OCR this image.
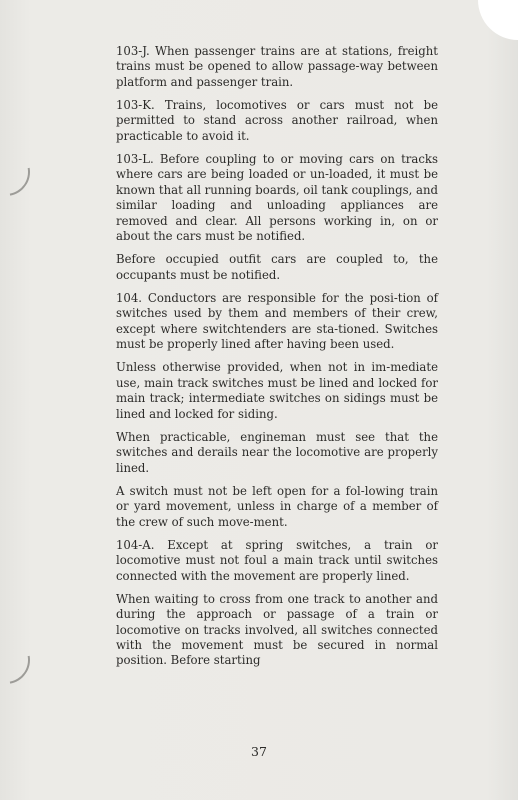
103-J. When passenger trains are at stations, freight trains must be opened to allow passage-way between platform and passenger train.

103-K. Trains, locomotives or cars must not be permitted to stand across another railroad, when practicable to avoid it.

103-L. Before coupling to or moving cars on tracks where cars are being loaded or un-loaded, it must be known that all running boards, oil tank couplings, and similar loading and unloading appliances are removed and clear. All persons working in, on or about the cars must be notified.

Before occupied outfit cars are coupled to, the occupants must be notified.

104. Conductors are responsible for the posi-tion of switches used by them and members of their crew, except where switchtenders are sta-tioned. Switches must be properly lined after having been used.

Unless otherwise provided, when not in im-mediate use, main track switches must be lined and locked for main track; intermediate switches on sidings must be lined and locked for siding.

When practicable, engineman must see that the switches and derails near the locomotive are properly lined.

A switch must not be left open for a fol-lowing train or yard movement, unless in charge of a member of the crew of such move-ment.

104-A. Except at spring switches, a train or locomotive must not foul a main track until switches connected with the movement are properly lined.

When waiting to cross from one track to another and during the approach or passage of a train or locomotive on tracks involved, all switches connected with the movement must be secured in normal position. Before starting

37
